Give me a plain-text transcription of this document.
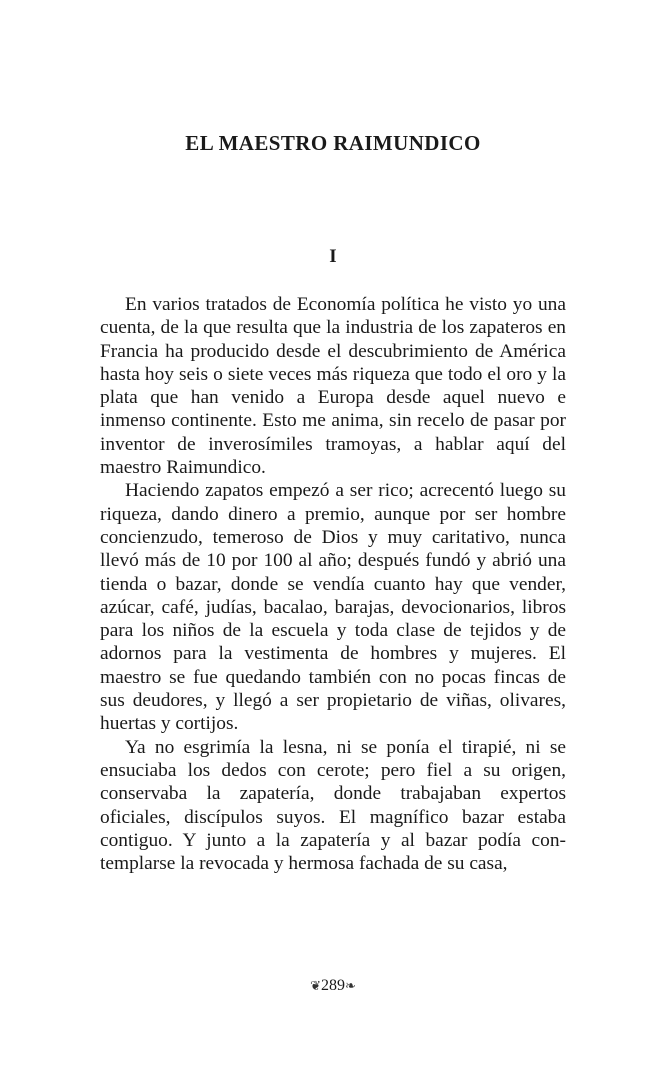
EL MAESTRO RAIMUNDICO
I

En varios tratados de Economía política he visto yo una cuenta, de la que resulta que la industria de los zapateros en Francia ha producido desde el descubrimiento de América hasta hoy seis o siete veces más riqueza que todo el oro y la plata que han venido a Europa desde aquel nuevo e inmenso continente. Esto me anima, sin recelo de pasar por inventor de inverosímiles tramoyas, a hablar aquí del maestro Raimundico.

Haciendo zapatos empezó a ser rico; acrecentó luego su riqueza, dando dinero a premio, aunque por ser hombre concienzudo, temeroso de Dios y muy caritativo, nunca llevó más de 10 por 100 al año; después fundó y abrió una tienda o bazar, donde se vendía cuanto hay que vender, azúcar, café, judías, bacalao, barajas, devocionarios, libros para los niños de la escuela y toda clase de tejidos y de adornos para la vestimenta de hombres y mujeres. El maestro se fue quedando también con no pocas fincas de sus deudores, y llegó a ser propietario de viñas, olivares, huertas y cortijos.

Ya no esgrimía la lesna, ni se ponía el tirapié, ni se ensuciaba los dedos con cerote; pero fiel a su origen, conservaba la zapatería, donde trabajaban expertos oficiales, discípulos suyos. El magnífico bazar estaba contiguo. Y junto a la zapatería y al bazar podía contemplarse la revocada y hermosa fachada de su casa,

❦289❧
